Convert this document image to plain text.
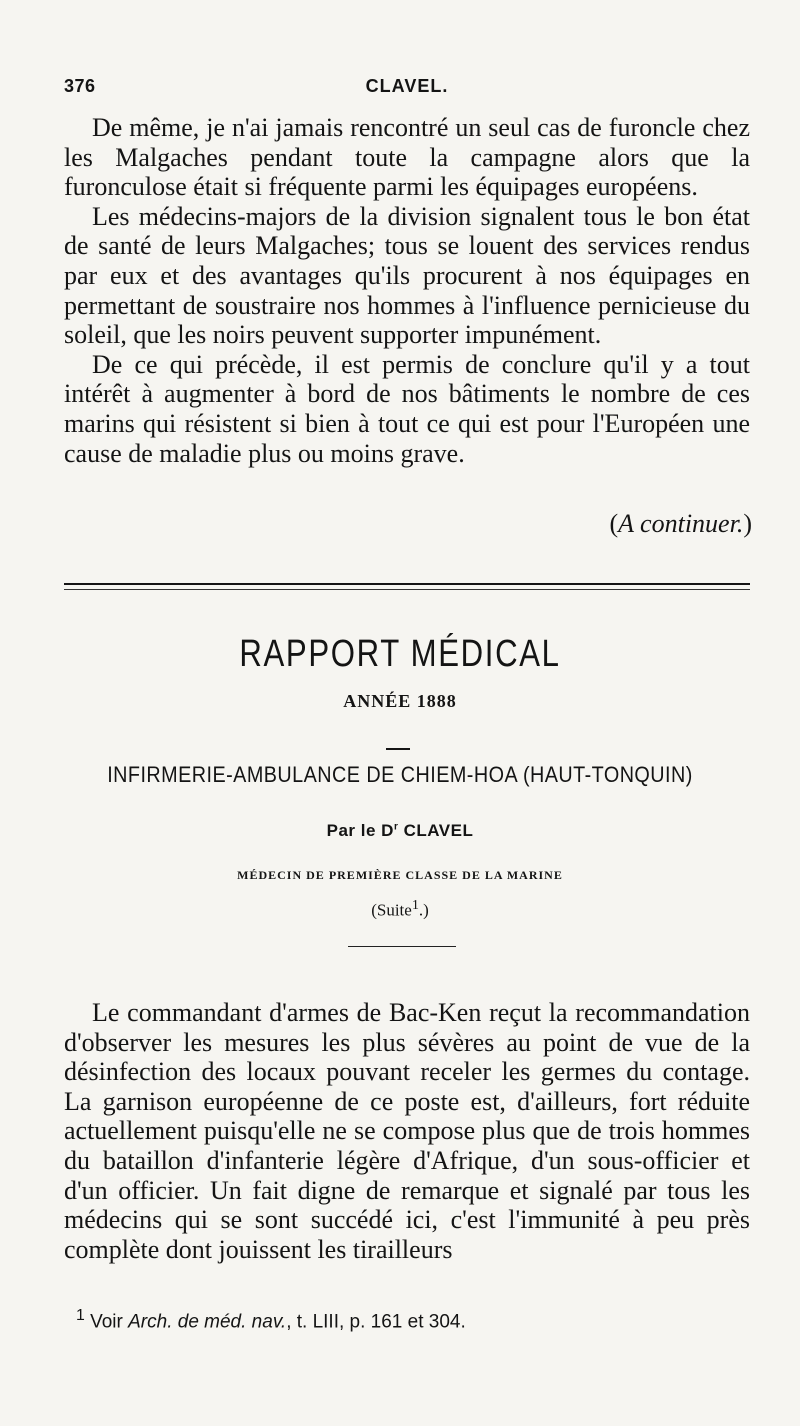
376	CLAVEL.

De même, je n'ai jamais rencontré un seul cas de furoncle chez les Malgaches pendant toute la campagne alors que la furonculose était si fréquente parmi les équipages européens.

Les médecins-majors de la division signalent tous le bon état de santé de leurs Malgaches; tous se louent des services rendus par eux et des avantages qu'ils procurent à nos équipages en permettant de soustraire nos hommes à l'influence pernicieuse du soleil, que les noirs peuvent supporter impunément.

De ce qui précède, il est permis de conclure qu'il y a tout intérêt à augmenter à bord de nos bâtiments le nombre de ces marins qui résistent si bien à tout ce qui est pour l'Européen une cause de maladie plus ou moins grave.

(A continuer.)
RAPPORT MÉDICAL
ANNÉE 1888
INFIRMERIE-AMBULANCE DE CHIEM-HOA (HAUT-TONQUIN)
Par le $D^r$ CLAVEL
MÉDECIN DE PREMIÈRE CLASSE DE LA MARINE
(Suite$^1$.)

Le commandant d'armes de Bac-Ken reçut la recommandation d'observer les mesures les plus sévères au point de vue de la désinfection des locaux pouvant receler les germes du contage. La garnison européenne de ce poste est, d'ailleurs, fort réduite actuellement puisqu'elle ne se compose plus que de trois hommes du bataillon d'infanterie légère d'Afrique, d'un sous-officier et d'un officier. Un fait digne de remarque et signalé par tous les médecins qui se sont succédé ici, c'est l'immunité à peu près complète dont jouissent les tirailleurs

$^1$ Voir Arch. de méd. nav., t. LIII, p. 161 et 304.
